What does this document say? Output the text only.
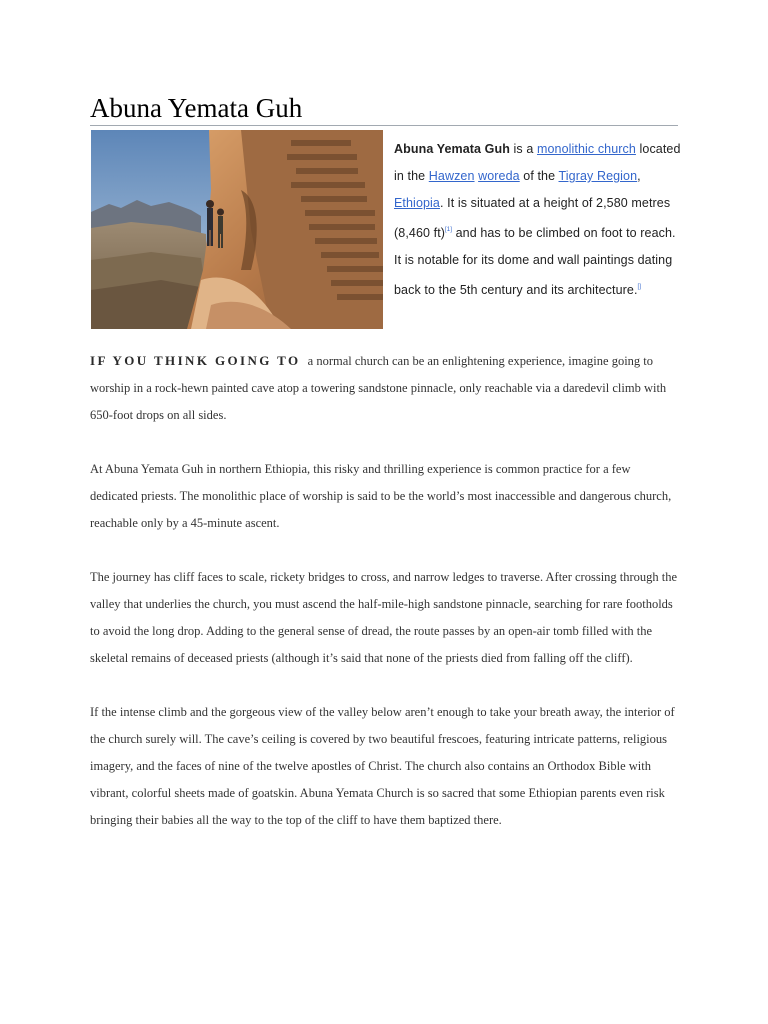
Abuna Yemata Guh
Abuna Yemata Guh is a monolithic church located in the Hawzen woreda of the Tigray Region, Ethiopia. It is situated at a height of 2,580 metres (8,460 ft)[1] and has to be climbed on foot to reach. It is notable for its dome and wall paintings dating back to the 5th century and its architecture.[]

IF YOU THINK GOING TO a normal church can be an enlightening experience, imagine going to worship in a rock-hewn painted cave atop a towering sandstone pinnacle, only reachable via a daredevil climb with 650-foot drops on all sides.

At Abuna Yemata Guh in northern Ethiopia, this risky and thrilling experience is common practice for a few dedicated priests. The monolithic place of worship is said to be the world’s most inaccessible and dangerous church, reachable only by a 45-minute ascent.

The journey has cliff faces to scale, rickety bridges to cross, and narrow ledges to traverse. After crossing through the valley that underlies the church, you must ascend the half-mile-high sandstone pinnacle, searching for rare footholds to avoid the long drop. Adding to the general sense of dread, the route passes by an open-air tomb filled with the skeletal remains of deceased priests (although it’s said that none of the priests died from falling off the cliff).

If the intense climb and the gorgeous view of the valley below aren’t enough to take your breath away, the interior of the church surely will. The cave’s ceiling is covered by two beautiful frescoes, featuring intricate patterns, religious imagery, and the faces of nine of the twelve apostles of Christ. The church also contains an Orthodox Bible with vibrant, colorful sheets made of goatskin. Abuna Yemata Church is so sacred that some Ethiopian parents even risk bringing their babies all the way to the top of the cliff to have them baptized there.
